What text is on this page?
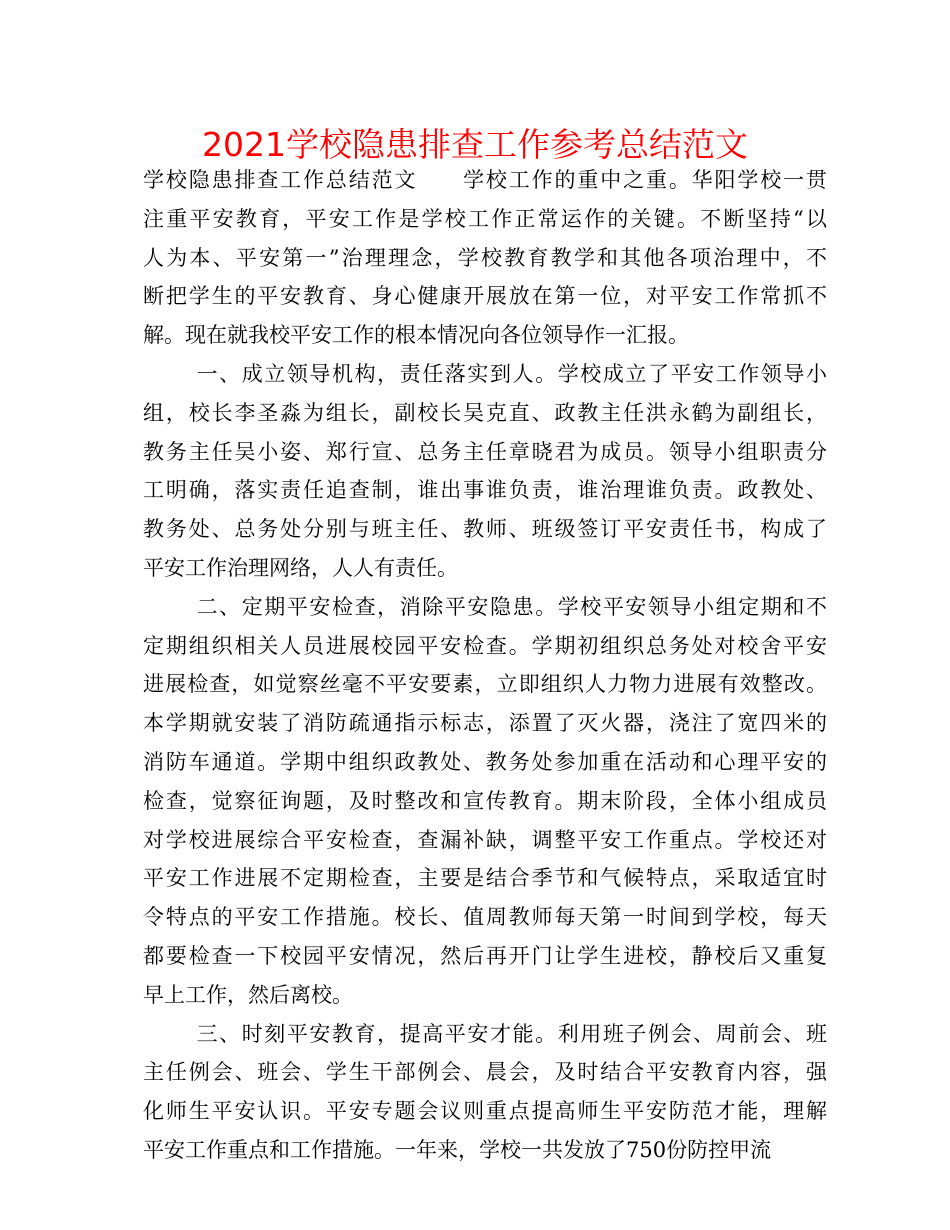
2021学校隐患排查工作参考总结范文
学校隐患排查工作总结范文　　学校工作的重中之重。华阳学校一贯
注重平安教育，平安工作是学校工作正常运作的关键。不断坚持“以
人为本、平安第一”治理理念，学校教育教学和其他各项治理中，不
断把学生的平安教育、身心健康开展放在第一位，对平安工作常抓不
解。现在就我校平安工作的根本情况向各位领导作一汇报。
一、成立领导机构，责任落实到人。学校成立了平安工作领导小
组，校长李圣淼为组长，副校长吴克直、政教主任洪永鹤为副组长，
教务主任吴小姿、郑行宣、总务主任章晓君为成员。领导小组职责分
工明确，落实责任追查制，谁出事谁负责，谁治理谁负责。政教处、
教务处、总务处分别与班主任、教师、班级签订平安责任书，构成了
平安工作治理网络，人人有责任。
二、定期平安检查，消除平安隐患。学校平安领导小组定期和不
定期组织相关人员进展校园平安检查。学期初组织总务处对校舍平安
进展检查，如觉察丝毫不平安要素，立即组织人力物力进展有效整改。
本学期就安装了消防疏通指示标志，添置了灭火器，浇注了宽四米的
消防车通道。学期中组织政教处、教务处参加重在活动和心理平安的
检查，觉察征询题，及时整改和宣传教育。期末阶段，全体小组成员
对学校进展综合平安检查，查漏补缺，调整平安工作重点。学校还对
平安工作进展不定期检查，主要是结合季节和气候特点，采取适宜时
令特点的平安工作措施。校长、值周教师每天第一时间到学校，每天
都要检查一下校园平安情况，然后再开门让学生进校，静校后又重复
早上工作，然后离校。
三、时刻平安教育，提高平安才能。利用班子例会、周前会、班
主任例会、班会、学生干部例会、晨会，及时结合平安教育内容，强
化师生平安认识。平安专题会议则重点提高师生平安防范才能，理解
平安工作重点和工作措施。一年来，学校一共发放了750份防控甲流
